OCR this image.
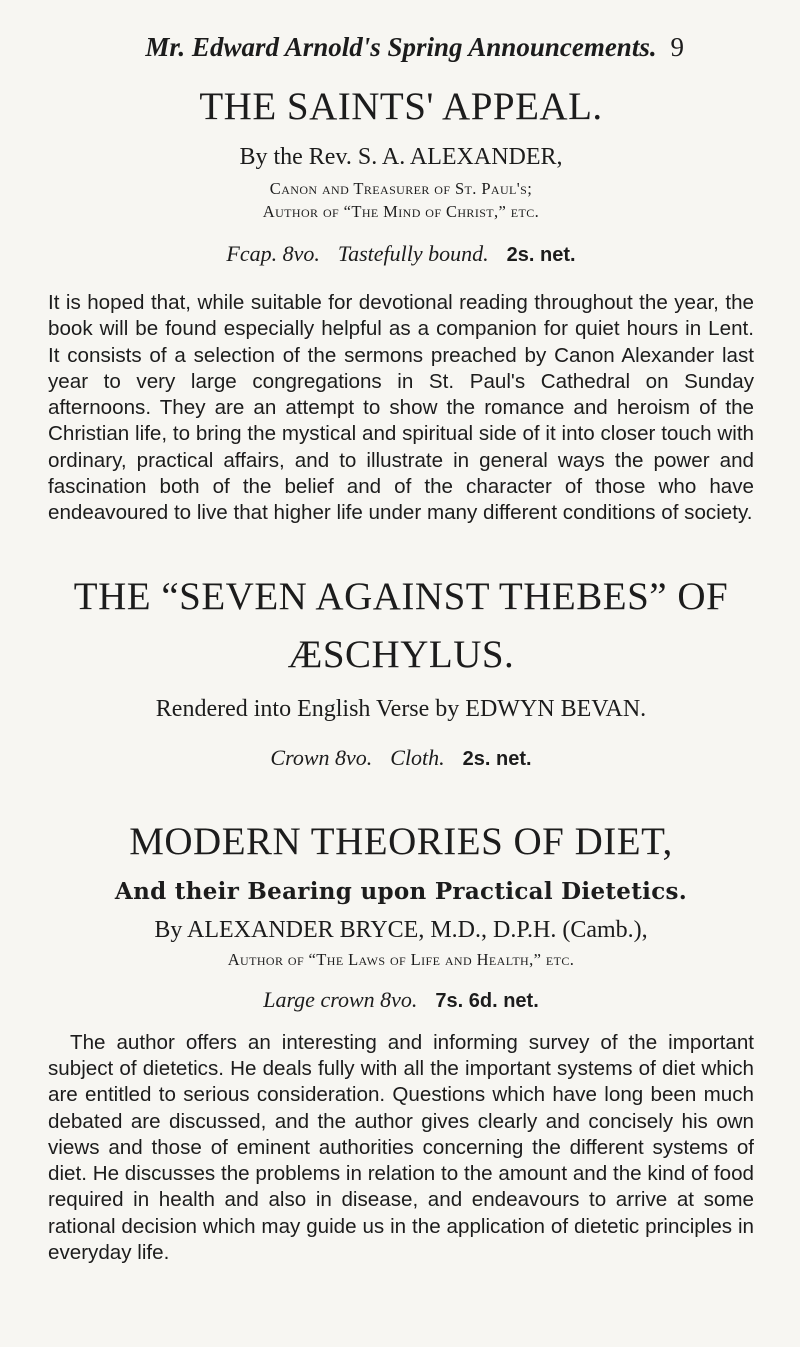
Mr. Edward Arnold's Spring Announcements. 9
THE SAINTS' APPEAL.
By the Rev. S. A. ALEXANDER,
Canon and Treasurer of St. Paul's;
Author of “The Mind of Christ,” etc.
Fcap. 8vo. Tastefully bound. 2s. net.

It is hoped that, while suitable for devotional reading throughout the year, the book will be found especially helpful as a companion for quiet hours in Lent. It consists of a selection of the sermons preached by Canon Alexander last year to very large congregations in St. Paul's Cathedral on Sunday afternoons. They are an attempt to show the romance and heroism of the Christian life, to bring the mystical and spiritual side of it into closer touch with ordinary, practical affairs, and to illustrate in general ways the power and fascination both of the belief and of the character of those who have endeavoured to live that higher life under many different conditions of society.

THE “SEVEN AGAINST THEBES” OF
ÆSCHYLUS.
Rendered into English Verse by EDWYN BEVAN.
Crown 8vo. Cloth. 2s. net.
MODERN THEORIES OF DIET,
And their Bearing upon Practical Dietetics.
By ALEXANDER BRYCE, M.D., D.P.H. (Camb.),
Author of “The Laws of Life and Health,” etc.
Large crown 8vo. 7s. 6d. net.

The author offers an interesting and informing survey of the important subject of dietetics. He deals fully with all the important systems of diet which are entitled to serious consideration. Questions which have long been much debated are discussed, and the author gives clearly and concisely his own views and those of eminent authorities concerning the different systems of diet. He discusses the problems in relation to the amount and the kind of food required in health and also in disease, and endeavours to arrive at some rational decision which may guide us in the application of dietetic principles in everyday life.
